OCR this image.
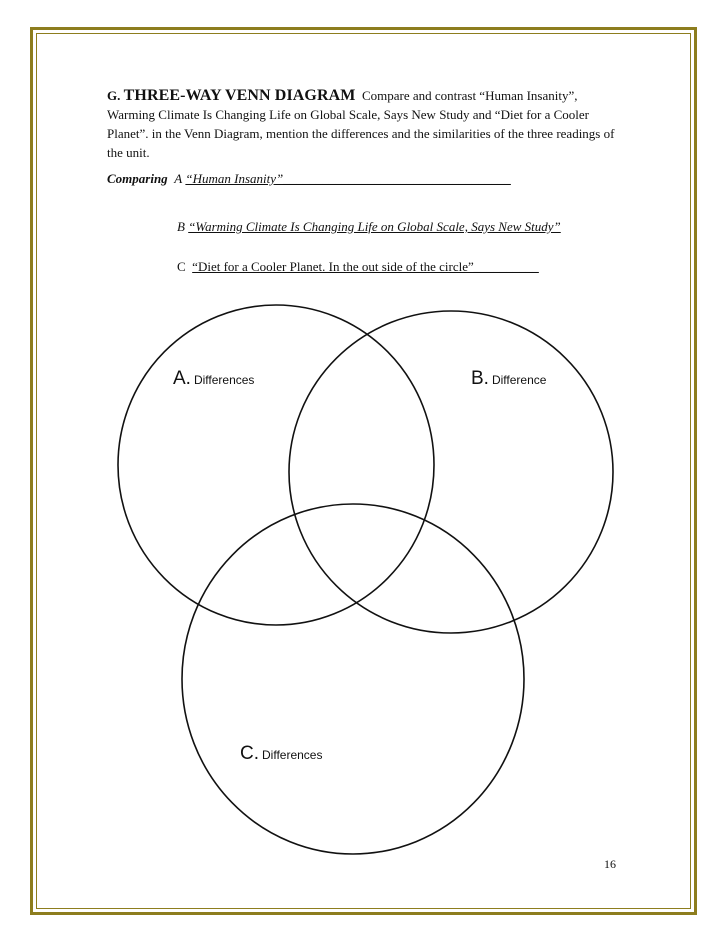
G. THREE-WAY VENN DIAGRAM Compare and contrast “Human Insanity”, Warming Climate Is Changing Life on Global Scale, Says New Study and “Diet for a Cooler Planet”. in the Venn Diagram, mention the differences and the similarities of the three readings of the unit.
Comparing A “Human Insanity”___________________________________
B “Warming Climate Is Changing Life on Global Scale, Says New Study”
C “Diet for a Cooler Planet. In the out side of the circle”__________
A. Differences	B. Difference
C. Differences
16
